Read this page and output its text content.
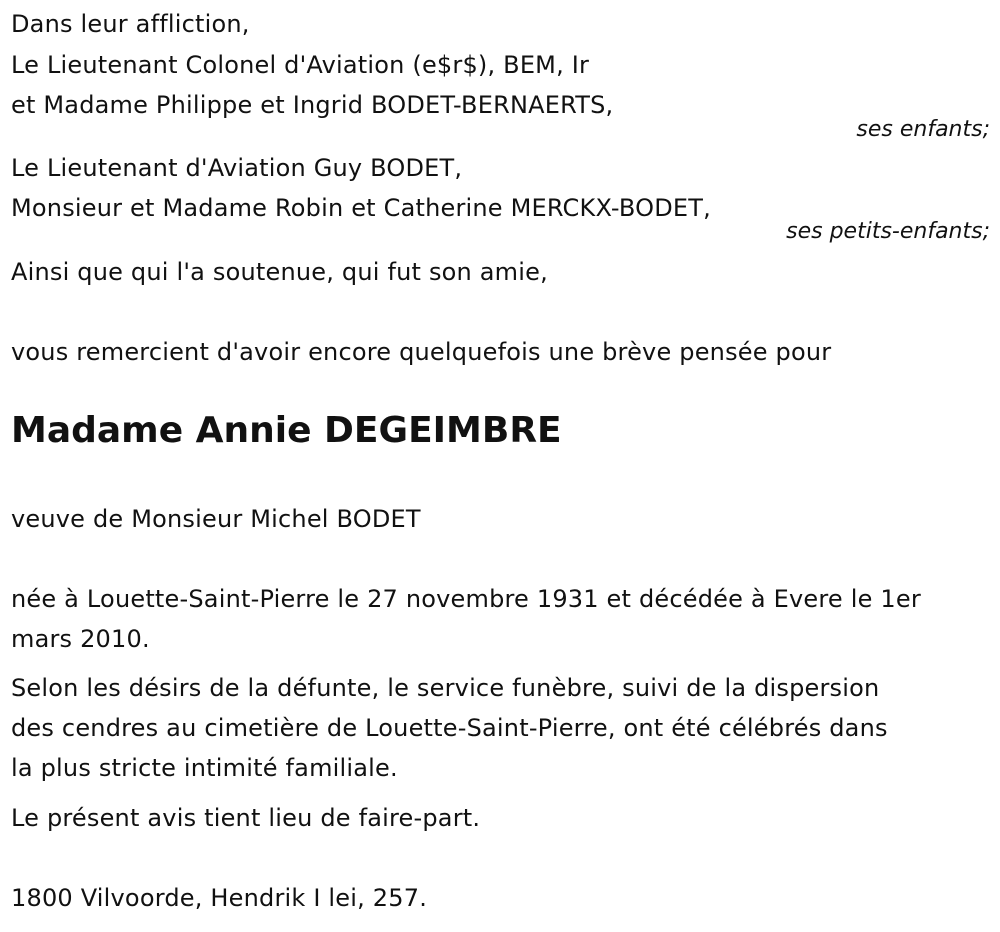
Dans leur affliction,
Le Lieutenant Colonel d'Aviation (e$r$), BEM, Ir
et Madame Philippe et Ingrid BODET-BERNAERTS,
ses enfants;
Le Lieutenant d'Aviation Guy BODET,
Monsieur et Madame Robin et Catherine MERCKX-BODET,
ses petits-enfants;
Ainsi que qui l'a soutenue, qui fut son amie,
vous remercient d'avoir encore quelquefois une brève pensée pour
Madame Annie DEGEIMBRE
veuve de Monsieur Michel BODET
née à Louette-Saint-Pierre le 27 novembre 1931 et décédée à Evere le 1er
mars 2010.
Selon les désirs de la défunte, le service funèbre, suivi de la dispersion
des cendres au cimetière de Louette-Saint-Pierre, ont été célébrés dans
la plus stricte intimité familiale.
Le présent avis tient lieu de faire-part.
1800 Vilvoorde, Hendrik I lei, 257.
